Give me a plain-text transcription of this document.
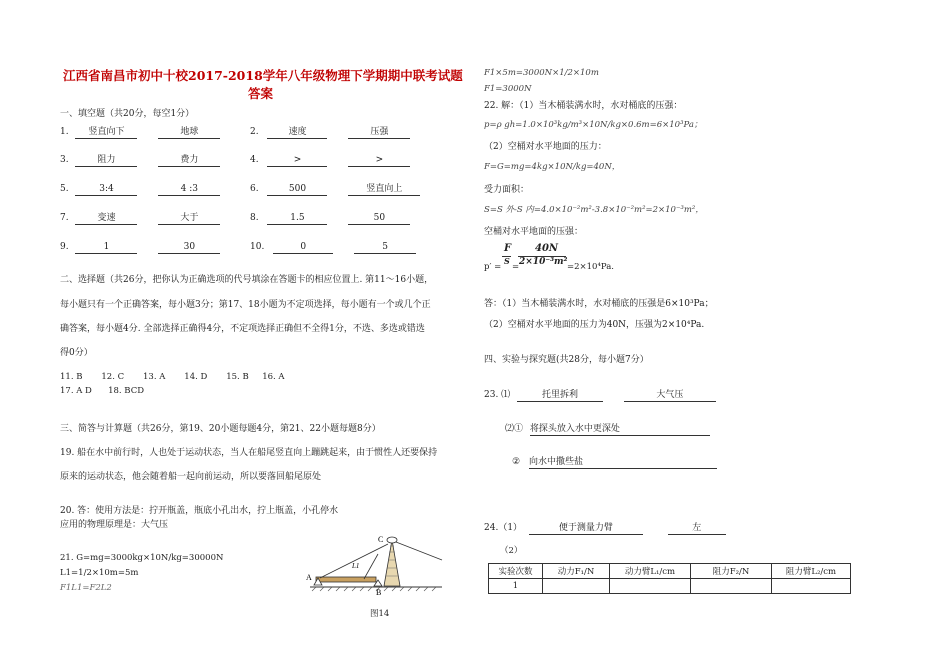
江西省南昌市初中十校2017-2018学年八年级物理下学期期中联考试题
答案
一、填空题（共20分，每空1分）
1. 竖直向下	地球	2.	速度	压强
3.	阻力	费力	4.	>	>
5.	3:4	4 :3	6.	500	竖直向上
7.	变速	大于	8.	1.5	50
9.	1	30	10.	0	5
二、选择题（共26分，把你认为正确选项的代号填涂在答题卡的相应位置上. 第11～16小题，
每小题只有一个正确答案，每小题3分；第17、18小题为不定项选择，每小题有一个或几个正
确答案，每小题4分. 全部选择正确得4分，不定项选择正确但不全得1分，不选、多选或错选
得0分）
11. B       12. C       13. A       14. D       15. B     16. A
17. A D      18. BCD
三、简答与计算题（共26分，第19、20小题每题4分，第21、22小题每题8分）
19. 船在水中前行时，人也处于运动状态，当人在船尾竖直向上蹦跳起来，由于惯性人还要保持
原来的运动状态，他会随着船一起向前运动，所以要落回船尾原处
20. 答：使用方法是：拧开瓶盖，瓶底小孔出水，拧上瓶盖，小孔停水
应用的物理原理是：大气压
21. G=mg=3000kg×10N/kg=30000N
L1=1/2×10m=5m
F1L1=F2L2
A
B
C
L1
图14
F1×5m=3000N×1/2×10m
F1=3000N
22. 解：（1）当木桶装满水时，水对桶底的压强：
p=ρ gh=1.0×10³kg/m³×10N/kg×0.6m=6×10³Pa；
（2）空桶对水平地面的压力：
F=G=mg=4kg×10N/kg=40N，
受力面积：
S=S 外-S 内=4.0×10⁻²m²-3.8×10⁻²m²=2×10⁻³m²，
空桶对水平地面的压强：
p′ =
F
S
=
40N
2×10⁻³m² =2×10⁴Pa.
答：（1）当木桶装满水时，水对桶底的压强是6×10³Pa；
（2）空桶对水平地面的压力为40N，压强为2×10⁴Pa.
四、实验与探究题(共28分，每小题7分）
23. ⑴	托里拆利	大气压
⑵① 将探头放入水中更深处
② 向水中撒些盐
24.（1）	便于测量力臂	左
（2）
实验次数	动力F₁/N	动力臂L₁/cm	阻力F₂/N	阻力臂L₂/cm
1				
